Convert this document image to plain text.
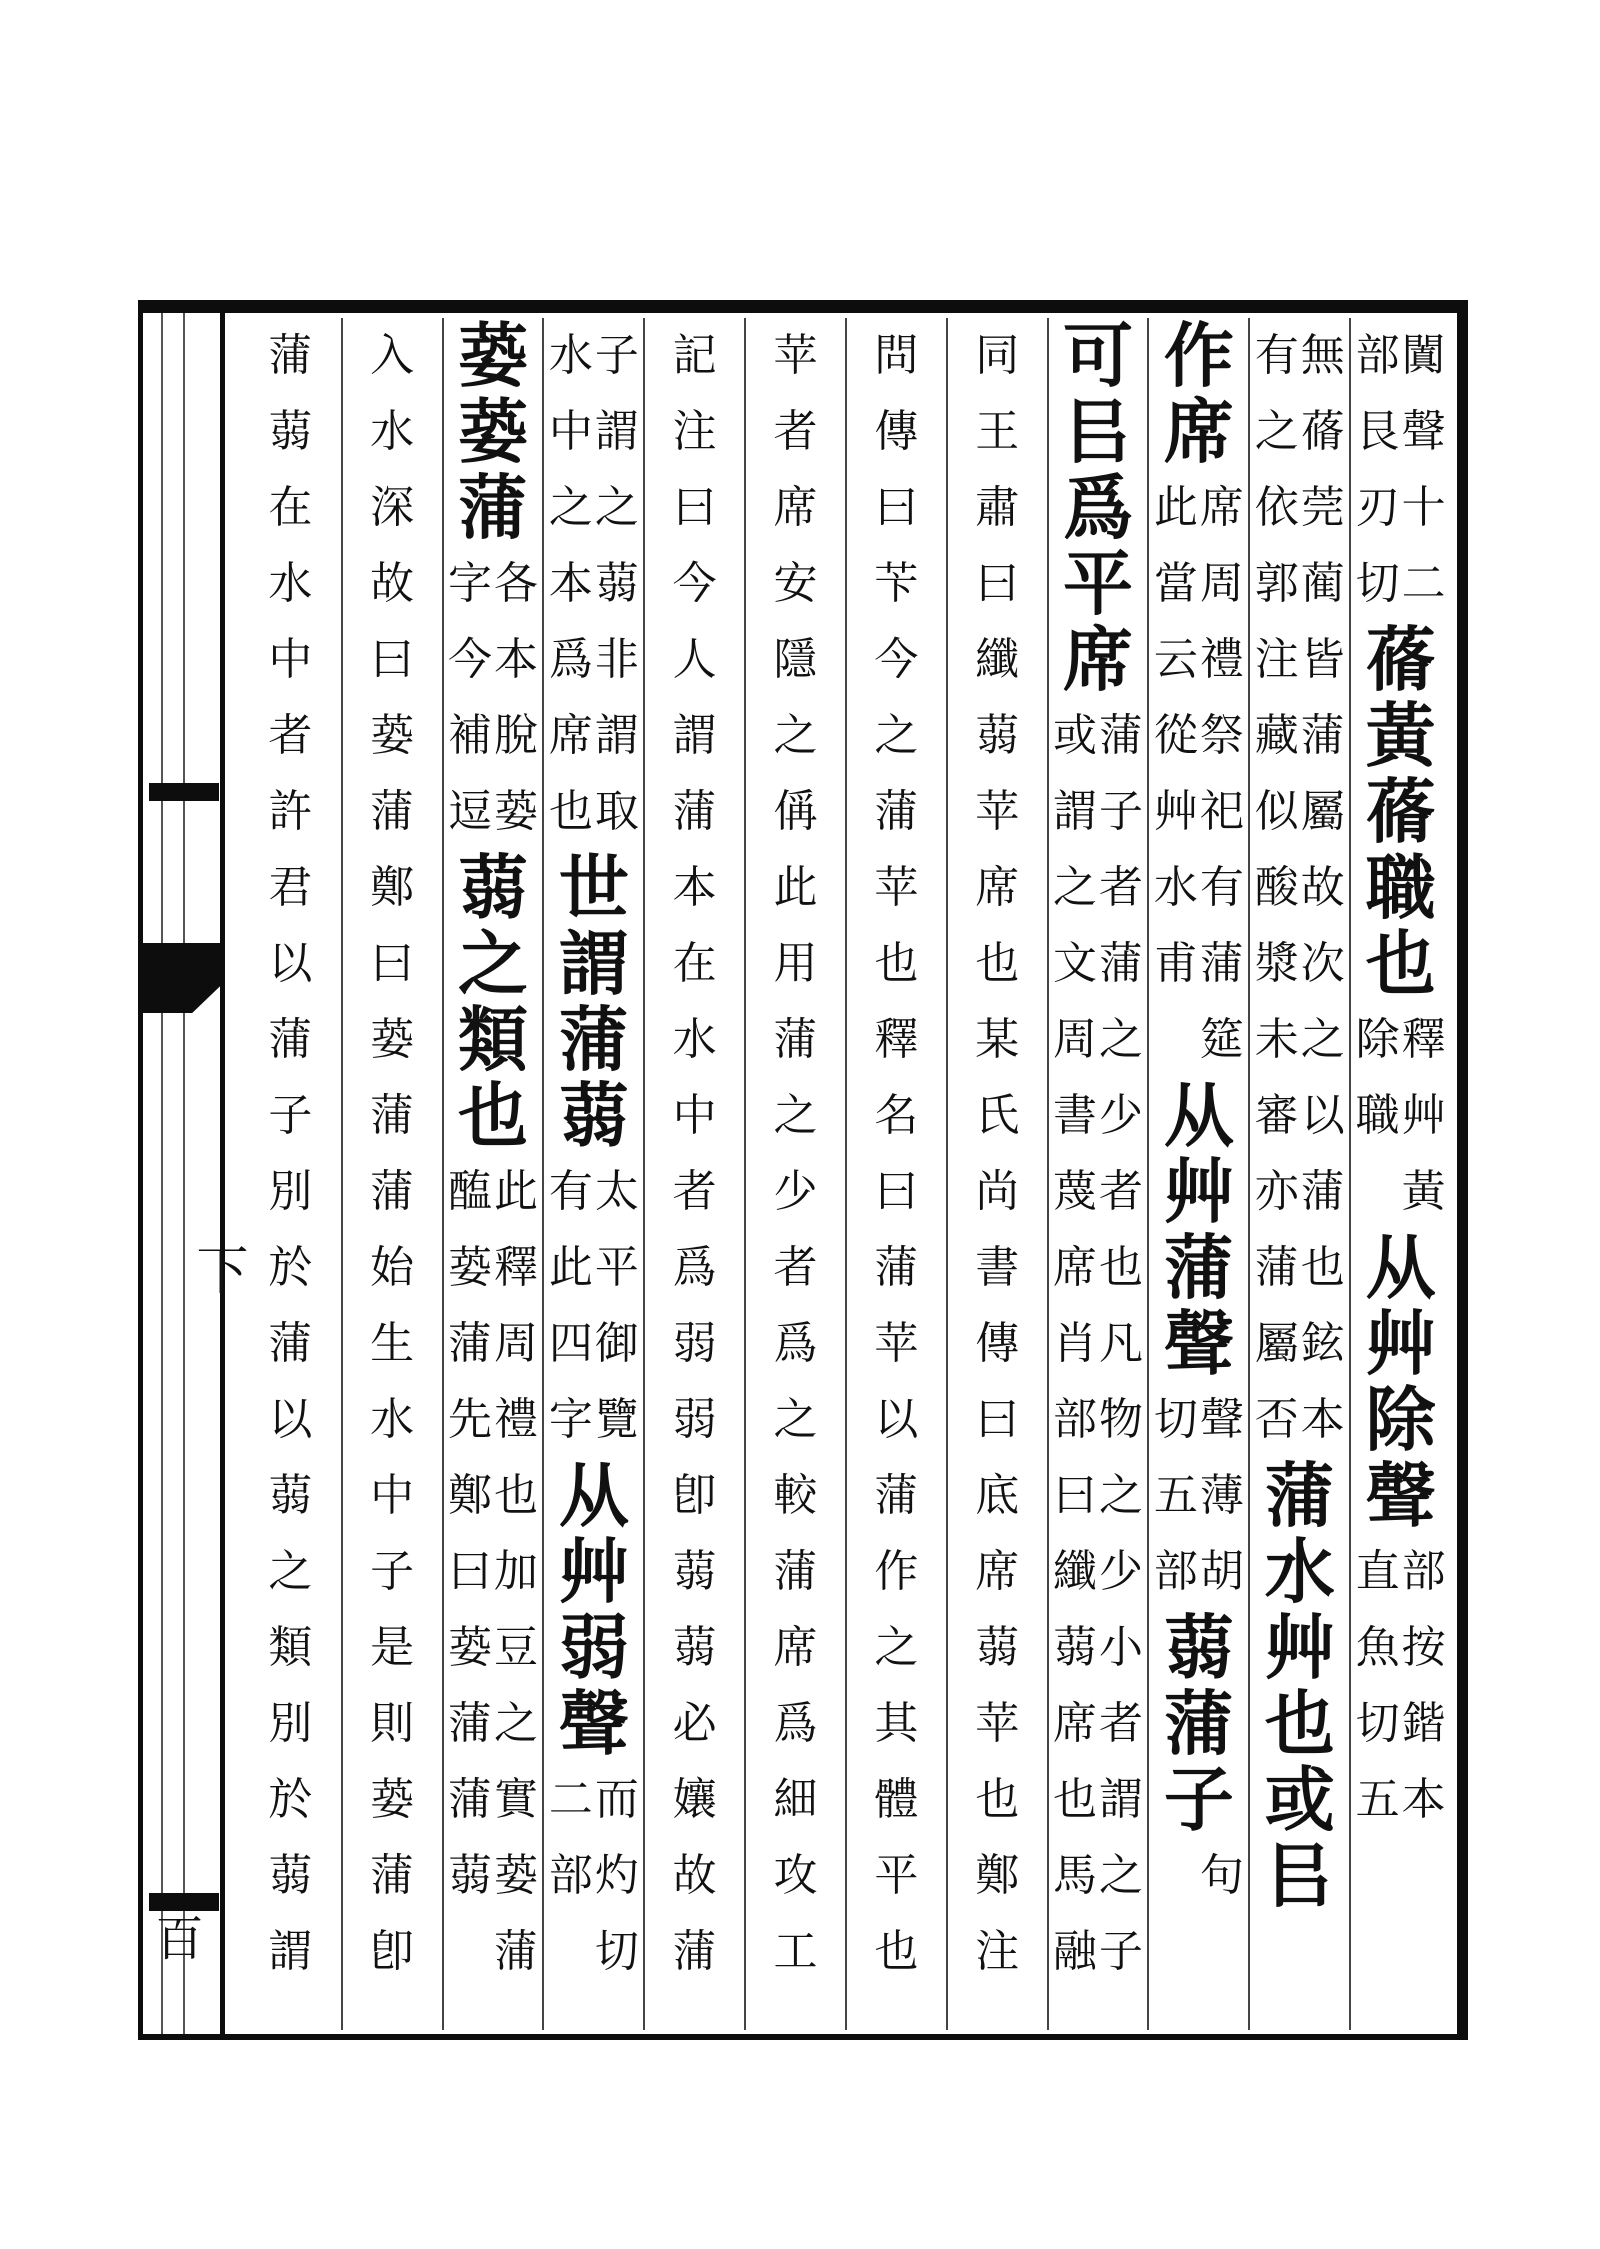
下
百
闐
聲
十
二
部
艮
刃
切
蓨
黃蓨職也
釋
艸
黃
除
職
从艸除聲
部
按
鍇
本
直
魚
切
五
無
蓨
莞
蔺
皆
蒲
屬
故
次
之
以
蒲
也
鉉
本
有
之
依
郭
注
藏
似
酸
漿
未
審
亦
蒲
屬
否
蒲
水艸也或㠯
作席
席
周
禮
祭
祀
有
蒲
筵
此
當
云
從
艸
水
甫
从艸蒲聲
聲
薄
胡
切
五
部
蒻
蒲子
句
可㠯爲平席
蒲
子
者
蒲
之
少
者
也
凡
物
之
少
小
者
謂
之
子
或
謂
之
文
周
書
蔑
席
肖
部
曰
纖
蒻
席
也
馬
融
同王肅曰纖蒻苹席也某氏尚書傳曰底席蒻苹也鄭注
問傳曰苄今之蒲苹也釋名曰蒲苹以蒲作之其體平也
苹者席安隱之偁此用蒲之少者爲之較蒲席爲細攻工
記注曰今人謂蒲本在水中者爲弱弱卽蒻蒻必孃故蒲
子
謂
之
蒻
非
謂
取
水
中
之
本
爲
席
也
世謂蒲蒻
太
平
御
覽
有
此
四
字
从艸弱聲
而
灼
切
二
部
蒆
蒆蒲
各
本
脫
蒆
字
今
補
逗
蒻之類也
此
釋
周
禮
也
加
豆
之
實
蒆
蒲
醢
蒆
蒲
先
鄭
曰
蒆
蒲
蒲
蒻
入水深故曰蒆蒲鄭曰蒆蒲蒲始生水中子是則蒆蒲卽
蒲蒻在水中者許君以蒲子別於蒲以蒻之類別於蒻謂
